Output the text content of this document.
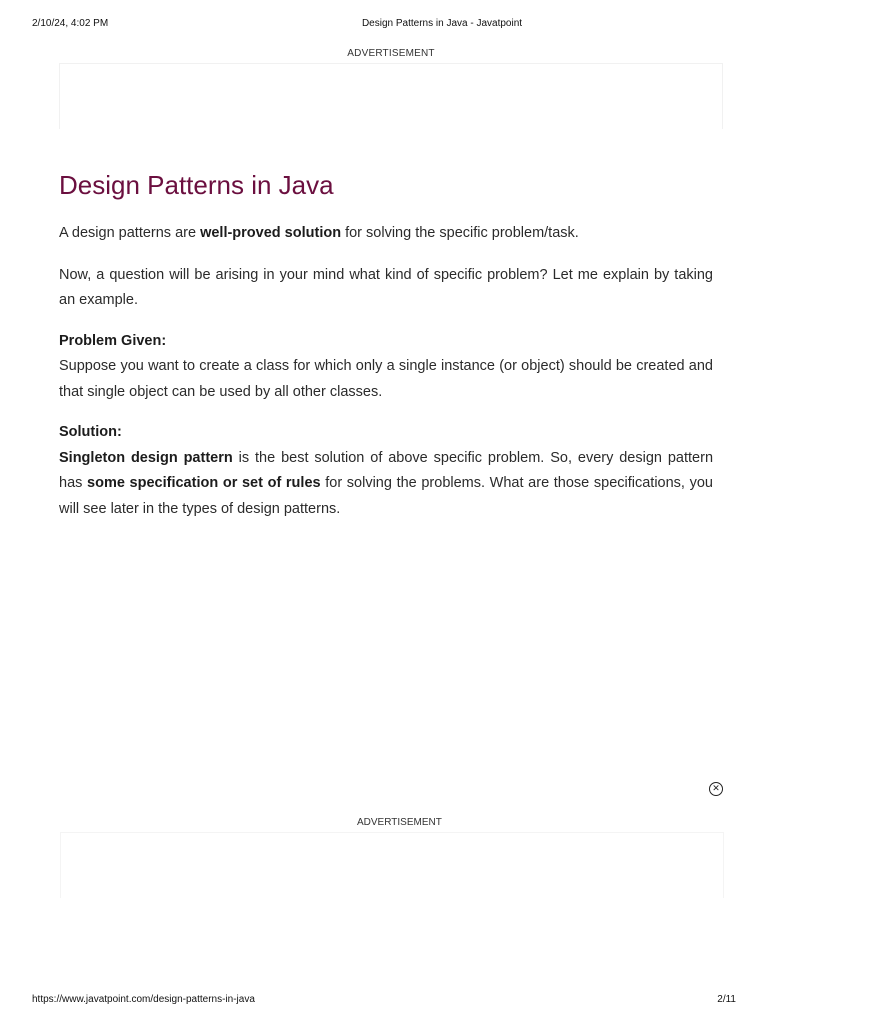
2/10/24, 4:02 PM	Design Patterns in Java - Javatpoint
ADVERTISEMENT
Design Patterns in Java

A design patterns are well-proved solution for solving the specific problem/task.

Now, a question will be arising in your mind what kind of specific problem? Let me explain by taking an example.

Problem Given:

Suppose you want to create a class for which only a single instance (or object) should be created and that single object can be used by all other classes.

Solution:

Singleton design pattern is the best solution of above specific problem. So, every design pattern has some specification or set of rules for solving the problems. What are those specifications, you will see later in the types of design patterns.

✕
ADVERTISEMENT
https://www.javatpoint.com/design-patterns-in-java	2/11
